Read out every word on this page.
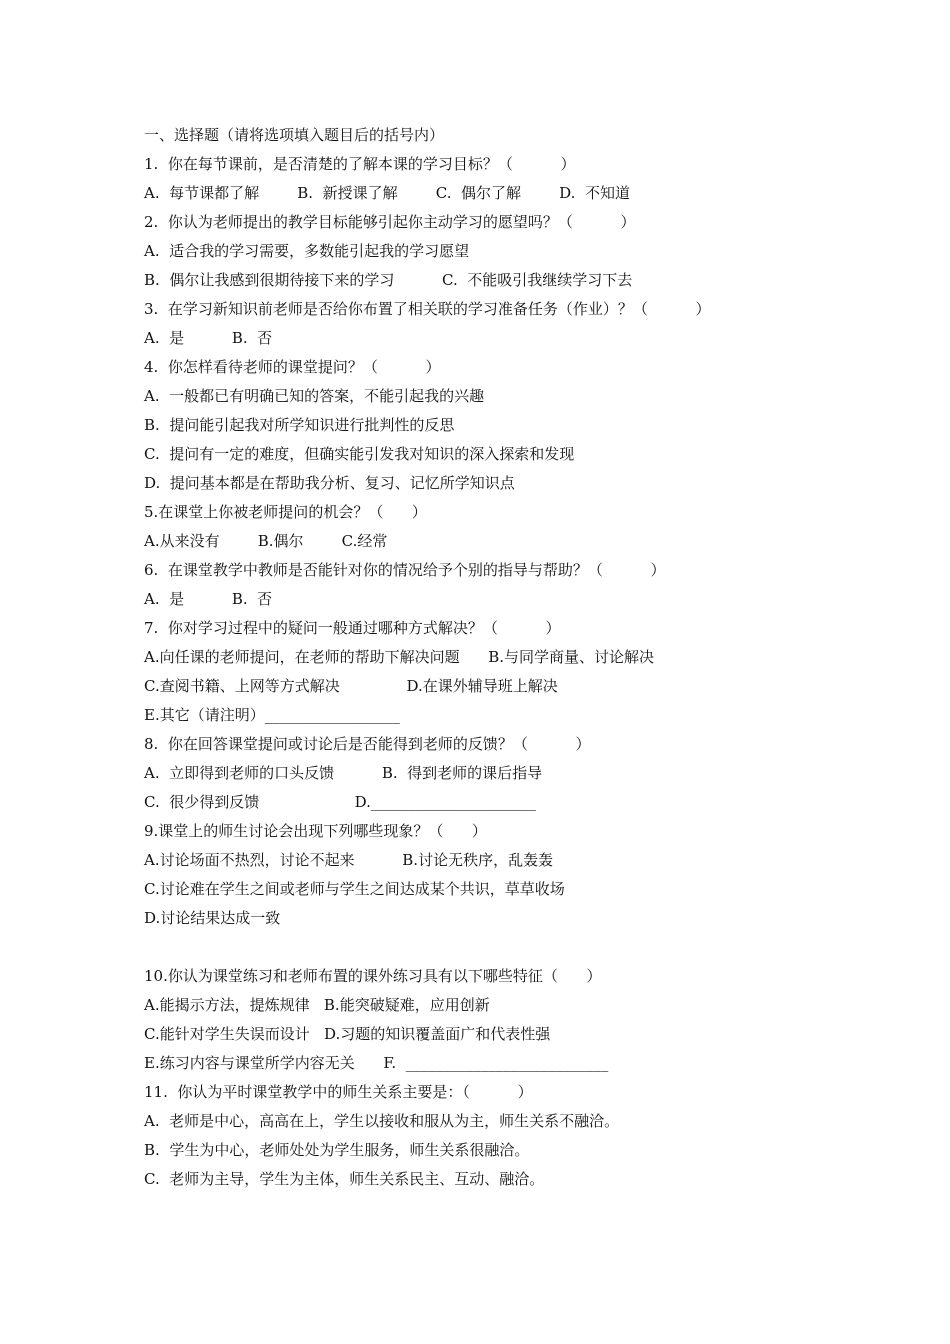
一、选择题（请将选项填入题目后的括号内）
1.  你在每节课前，是否清楚的了解本课的学习目标？（          ）
A.  每节课都了解        B.  新授课了解        C.  偶尔了解        D.  不知道
2.  你认为老师提出的教学目标能够引起你主动学习的愿望吗？（          ）
A.  适合我的学习需要，多数能引起我的学习愿望
B.  偶尔让我感到很期待接下来的学习          C.  不能吸引我继续学习下去
3.  在学习新知识前老师是否给你布置了相关联的学习准备任务（作业）？（          ）
A.  是          B.  否
4.  你怎样看待老师的课堂提问？（          ）
A.  一般都已有明确已知的答案，不能引起我的兴趣
B.  提问能引起我对所学知识进行批判性的反思
C.  提问有一定的难度，但确实能引发我对知识的深入探索和发现
D.  提问基本都是在帮助我分析、复习、记忆所学知识点
5.在课堂上你被老师提问的机会？（      ）
A.从来没有        B.偶尔        C.经常
6.  在课堂教学中教师是否能针对你的情况给予个别的指导与帮助？（          ）
A.  是          B.  否
7.  你对学习过程中的疑问一般通过哪种方式解决？（          ）
A.向任课的老师提问，在老师的帮助下解决问题      B.与同学商量、讨论解决
C.查阅书籍、上网等方式解决              D.在课外辅导班上解决
E.其它（请注明）__________________
8.  你在回答课堂提问或讨论后是否能得到老师的反馈？（          ）
A.  立即得到老师的口头反馈          B.  得到老师的课后指导
C.  很少得到反馈                    D.______________________
9.课堂上的师生讨论会出现下列哪些现象？（      ）
A.讨论场面不热烈，讨论不起来          B.讨论无秩序，乱轰轰
C.讨论难在学生之间或老师与学生之间达成某个共识，草草收场
D.讨论结果达成一致
10.你认为课堂练习和老师布置的课外练习具有以下哪些特征（      ）
A.能揭示方法，提炼规律   B.能突破疑难，应用创新
C.能针对学生失误而设计   D.习题的知识覆盖面广和代表性强
E.练习内容与课堂所学内容无关      F.  ___________________________
11.  你认为平时课堂教学中的师生关系主要是：（          ）
A.  老师是中心，高高在上，学生以接收和服从为主，师生关系不融洽。
B.  学生为中心，老师处处为学生服务，师生关系很融洽。
C.  老师为主导，学生为主体，师生关系民主、互动、融洽。
